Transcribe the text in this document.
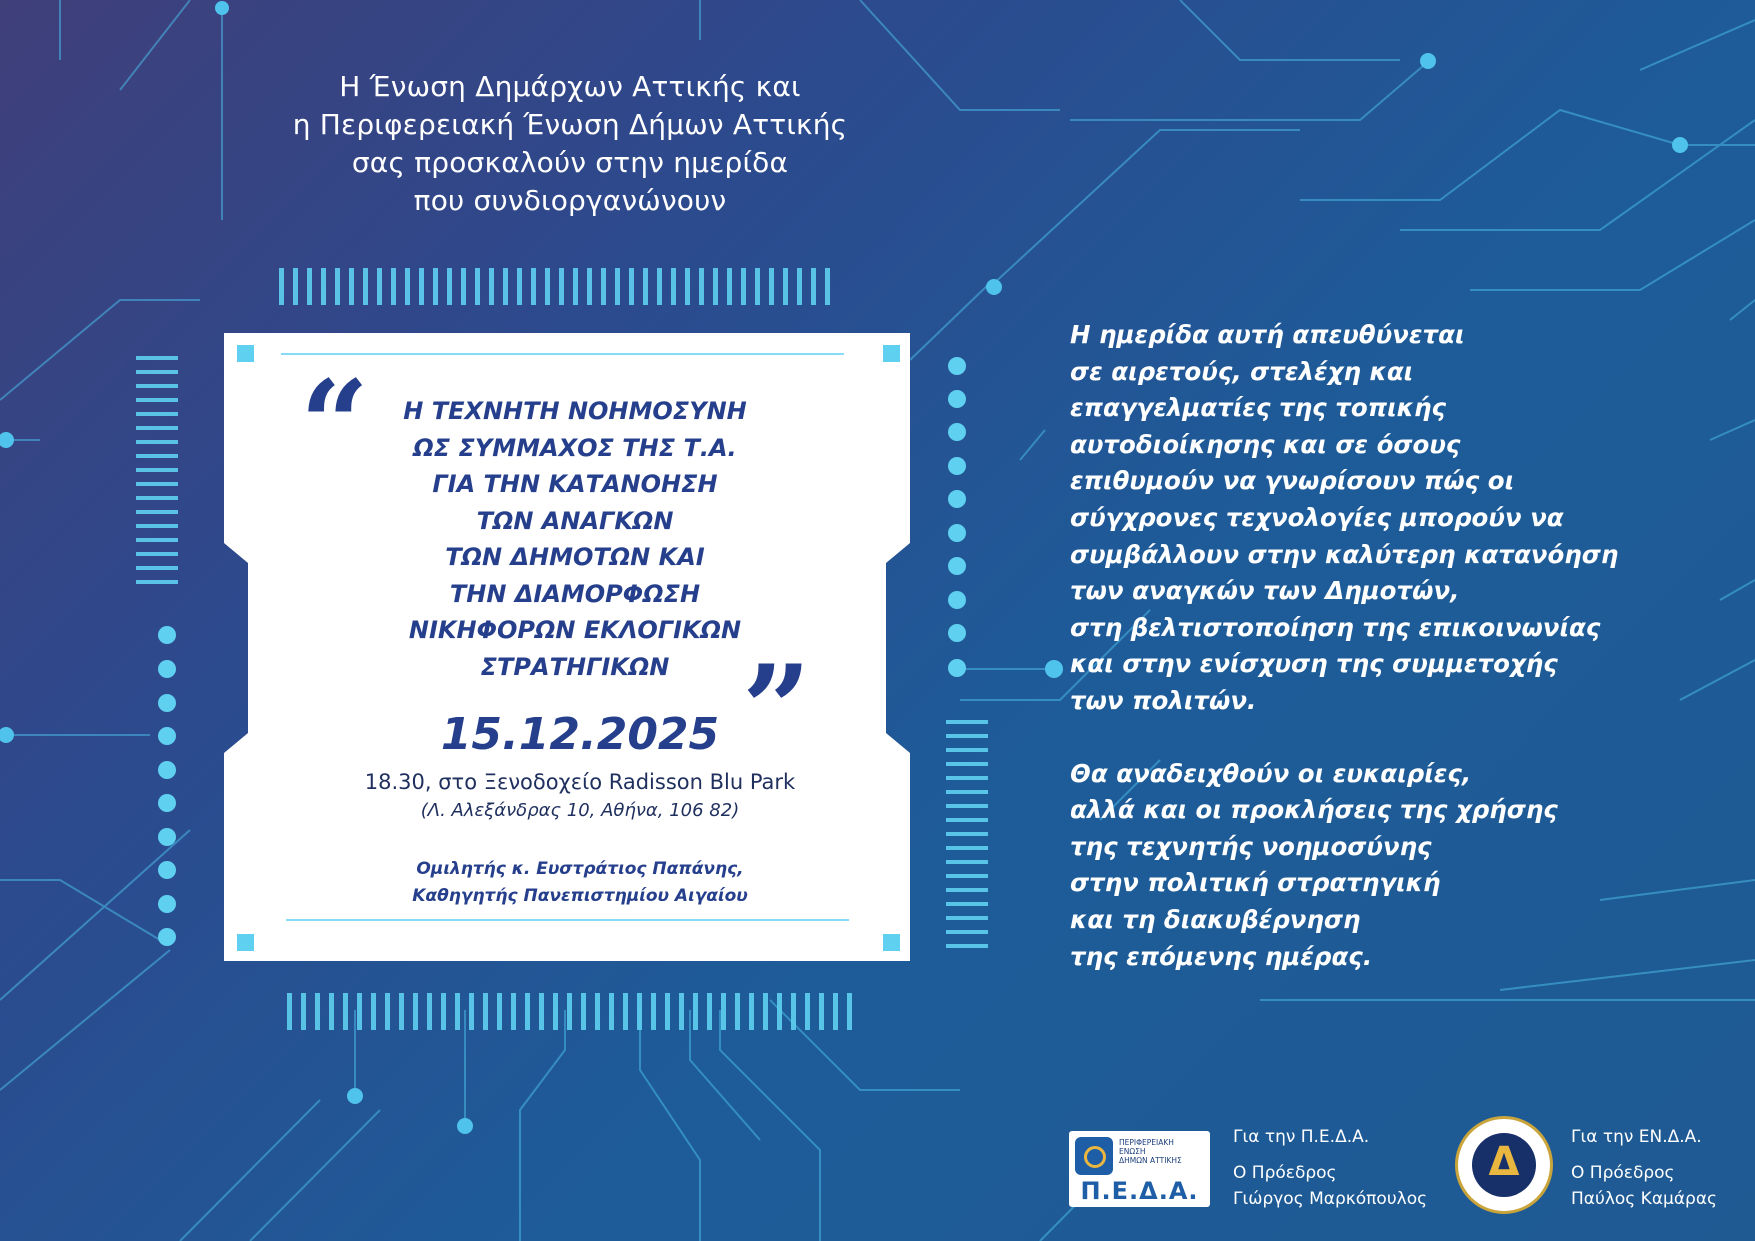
Η Ένωση Δημάρχων Αττικής και
η Περιφερειακή Ένωση Δήμων Αττικής
σας προσκαλούν στην ημερίδα
που συνδιοργανώνουν
“
”
Η ΤΕΧΝΗΤΗ ΝΟΗΜΟΣΥΝΗ
ΩΣ ΣΥΜΜΑΧΟΣ ΤΗΣ Τ.Α.
ΓΙΑ ΤΗΝ ΚΑΤΑΝΟΗΣΗ
ΤΩΝ ΑΝΑΓΚΩΝ
ΤΩΝ ΔΗΜΟΤΩΝ ΚΑΙ
ΤΗΝ ΔΙΑΜΟΡΦΩΣΗ
ΝΙΚΗΦΟΡΩΝ ΕΚΛΟΓΙΚΩΝ
ΣΤΡΑΤΗΓΙΚΩΝ
15.12.2025
18.30, στο Ξενοδοχείο Radisson Blu Park
(Λ. Αλεξάνδρας 10, Αθήνα, 106 82)
Ομιλητής κ. Ευστράτιος Παπάνης,
Καθηγητής Πανεπιστημίου Αιγαίου
Η ημερίδα αυτή απευθύνεται
σε αιρετούς, στελέχη και
επαγγελματίες της τοπικής
αυτοδιοίκησης και σε όσους
επιθυμούν να γνωρίσουν πώς οι
σύγχρονες τεχνολογίες μπορούν να
συμβάλλουν στην καλύτερη κατανόηση
των αναγκών των Δημοτών,
στη βελτιστοποίηση της επικοινωνίας
και στην ενίσχυση της συμμετοχής
των πολιτών.
Θα αναδειχθούν οι ευκαιρίες,
αλλά και οι προκλήσεις της χρήσης
της τεχνητής νοημοσύνης
στην πολιτική στρατηγική
και τη διακυβέρνηση
της επόμενης ημέρας.
ΠΕΡΙΦΕΡΕΙΑΚΗ
ΕΝΩΣΗ
ΔΗΜΩΝ ΑΤΤΙΚΗΣ
Π.Ε.Δ.Α.
Για την Π.Ε.Δ.Α.
Ο Πρόεδρος
Γιώργος Μαρκόπουλος
Δ
Για την ΕΝ.Δ.Α.
Ο Πρόεδρος
Παύλος Καμάρας
